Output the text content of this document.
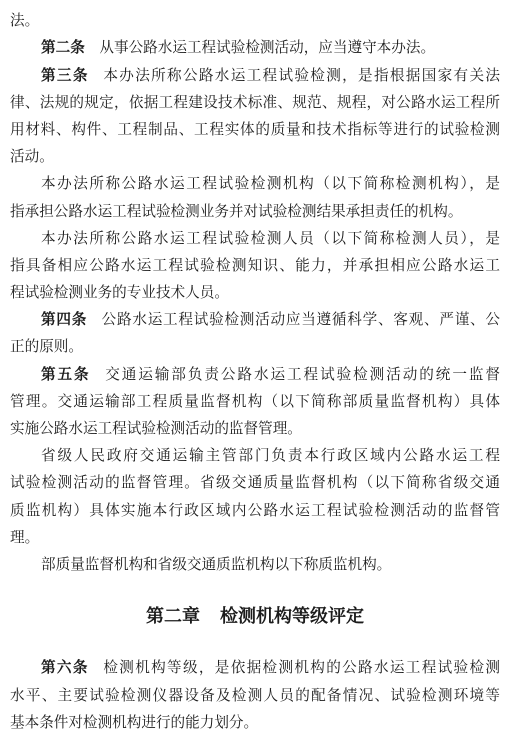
法。
第二条 从事公路水运工程试验检测活动，应当遵守本办法。
第三条 本办法所称公路水运工程试验检测，是指根据国家有关法
律、法规的规定，依据工程建设技术标准、规范、规程，对公路水运工程所
用材料、构件、工程制品、工程实体的质量和技术指标等进行的试验检测
活动。
本办法所称公路水运工程试验检测机构（以下简称检测机构），是
指承担公路水运工程试验检测业务并对试验检测结果承担责任的机构。
本办法所称公路水运工程试验检测人员（以下简称检测人员），是
指具备相应公路水运工程试验检测知识、能力，并承担相应公路水运工
程试验检测业务的专业技术人员。
第四条 公路水运工程试验检测活动应当遵循科学、客观、严谨、公
正的原则。
第五条 交通运输部负责公路水运工程试验检测活动的统一监督
管理。交通运输部工程质量监督机构（以下简称部质量监督机构）具体
实施公路水运工程试验检测活动的监督管理。
省级人民政府交通运输主管部门负责本行政区域内公路水运工程
试验检测活动的监督管理。省级交通质量监督机构（以下简称省级交通
质监机构）具体实施本行政区域内公路水运工程试验检测活动的监督管
理。
部质量监督机构和省级交通质监机构以下称质监机构。
第二章 检测机构等级评定
第六条 检测机构等级，是依据检测机构的公路水运工程试验检测
水平、主要试验检测仪器设备及检测人员的配备情况、试验检测环境等
基本条件对检测机构进行的能力划分。
